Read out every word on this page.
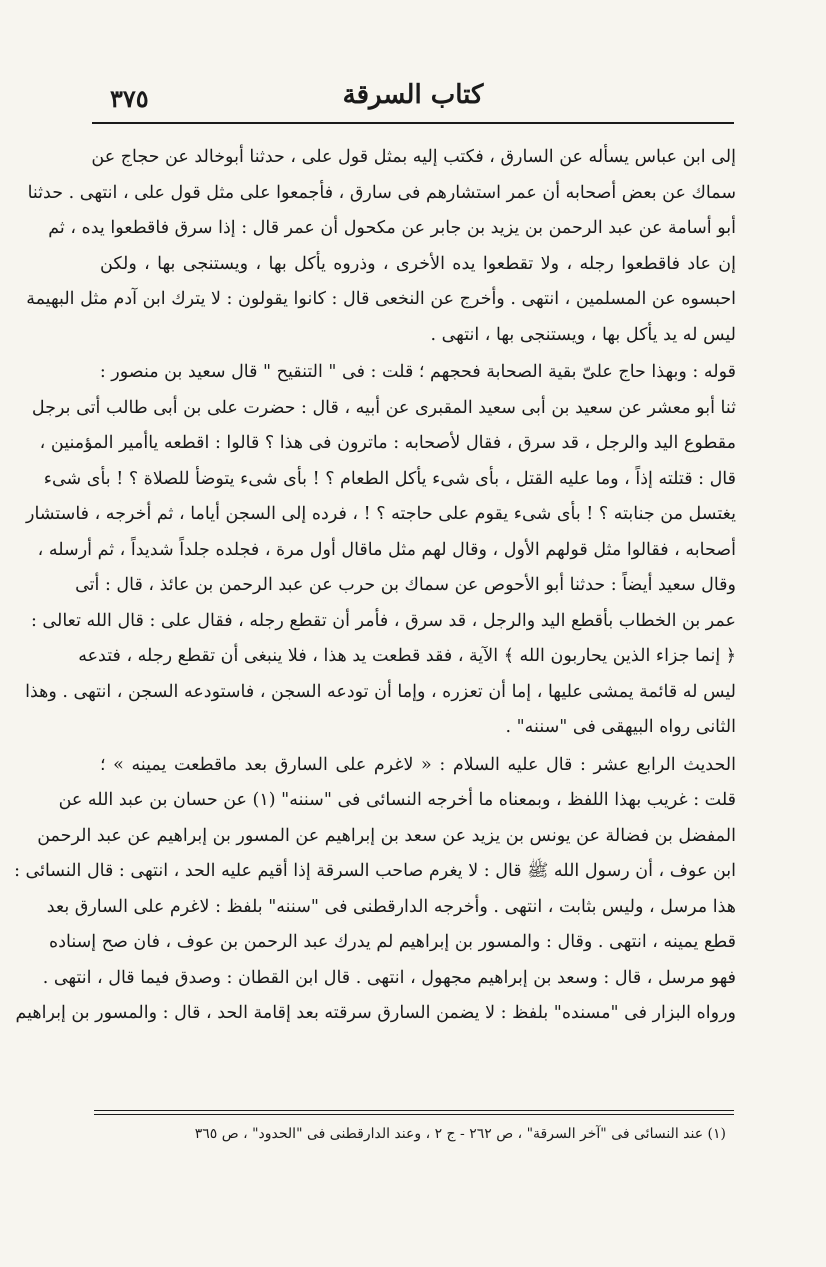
٣٧٥	كتاب السرقة
إلى ابن عباس يسأله عن السارق ، فكتب إليه بمثل قول على ، حدثنا أبوخالد عن حجاج عن
سماك عن بعض أصحابه أن عمر استشارهم فى سارق ، فأجمعوا على مثل قول على ، انتهى . حدثنا
أبو أسامة عن عبد الرحمن بن يزيد بن جابر عن مكحول أن عمر قال : إذا سرق فاقطعوا يده ، ثم
إن عاد فاقطعوا رجله ، ولا تقطعوا يده الأخرى ، وذروه يأكل بها ، ويستنجى بها ، ولكن
احبسوه عن المسلمين ، انتهى . وأخرج عن النخعى قال : كانوا يقولون : لا يترك ابن آدم مثل البهيمة
ليس له يد يأكل بها ، ويستنجى بها ، انتهى .
قوله : وبهذا حاج علىّ بقية الصحابة فحجهم ؛ قلت : فى " التنقيح " قال سعيد بن منصور :
ثنا أبو معشر عن سعيد بن أبى سعيد المقبرى عن أبيه ، قال : حضرت على بن أبى طالب أتى برجل
مقطوع اليد والرجل ، قد سرق ، فقال لأصحابه : ماترون فى هذا ؟ قالوا : اقطعه ياأمير المؤمنين ،
قال : قتلته إذاً ، وما عليه القتل ، بأى شىء يأكل الطعام ؟ ! بأى شىء يتوضأ للصلاة ؟ ! بأى شىء
يغتسل من جنابته ؟ ! بأى شىء يقوم على حاجته ؟ ! ، فرده إلى السجن أياما ، ثم أخرجه ، فاستشار
أصحابه ، فقالوا مثل قولهم الأول ، وقال لهم مثل ماقال أول مرة ، فجلده جلداً شديداً ، ثم أرسله ،
وقال سعيد أيضاً : حدثنا أبو الأحوص عن سماك بن حرب عن عبد الرحمن بن عائذ ، قال : أتى
عمر بن الخطاب بأقطع اليد والرجل ، قد سرق ، فأمر أن تقطع رجله ، فقال على : قال الله تعالى :
﴿ إنما جزاء الذين يحاربون الله ﴾ الآية ، فقد قطعت يد هذا ، فلا ينبغى أن تقطع رجله ، فتدعه
ليس له قائمة يمشى عليها ، إما أن تعزره ، وإما أن تودعه السجن ، فاستودعه السجن ، انتهى . وهذا
الثانى رواه البيهقى فى "سننه" .
الحديث الرابع عشر : قال عليه السلام : « لاغرم على السارق بعد ماقطعت يمينه » ؛
قلت : غريب بهذا اللفظ ، وبمعناه ما أخرجه النسائى فى "سننه" (١) عن حسان بن عبد الله عن
المفضل بن فضالة عن يونس بن يزيد عن سعد بن إبراهيم عن المسور بن إبراهيم عن عبد الرحمن
ابن عوف ، أن رسول الله ﷺ قال : لا يغرم صاحب السرقة إذا أقيم عليه الحد ، انتهى : قال النسائى :
هذا مرسل ، وليس بثابت ، انتهى . وأخرجه الدارقطنى فى "سننه" بلفظ : لاغرم على السارق بعد
قطع يمينه ، انتهى . وقال : والمسور بن إبراهيم لم يدرك عبد الرحمن بن عوف ، فان صح إسناده
فهو مرسل ، قال : وسعد بن إبراهيم مجهول ، انتهى . قال ابن القطان : وصدق فيما قال ، انتهى .
ورواه البزار فى "مسنده" بلفظ : لا يضمن السارق سرقته بعد إقامة الحد ، قال : والمسور بن إبراهيم
(١) عند النسائى فى "آخر السرقة" ، ص ٢٦٢ - ج ٢ ، وعند الدارقطنى فى "الحدود" ، ص ٣٦٥
